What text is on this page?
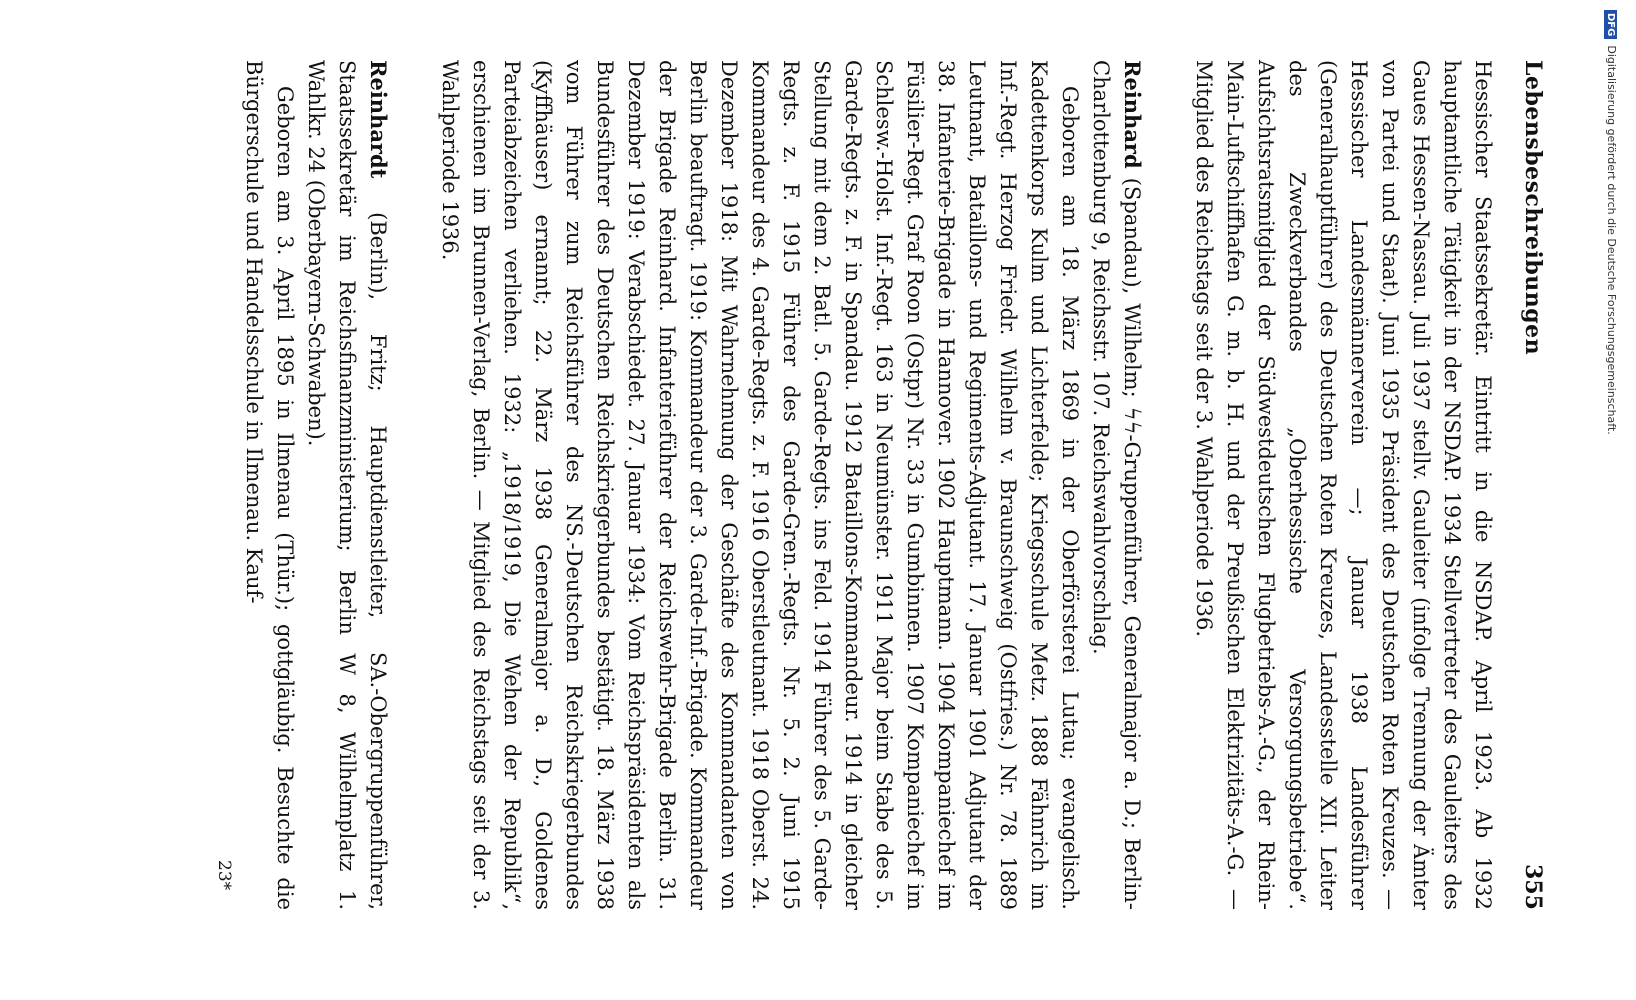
Lebensbeschreibungen
355

Hessischer Staatssekretär. Eintritt in die NSDAP. April 1923. Ab 1932 hauptamtliche Tätigkeit in der NSDAP. 1934 Stellvertreter des Gauleiters des Gaues Hessen-Nassau. Juli 1937 stellv. Gauleiter (infolge Trennung der Ämter von Partei und Staat). Juni 1935 Präsident des Deutschen Roten Kreuzes. — Hessischer Landesmännerverein —; Januar 1938 Landesführer (Generalhauptführer) des Deutschen Roten Kreuzes, Landesstelle XII. Leiter des Zweckverbandes „Oberhessische Versorgungsbetriebe“. Aufsichtsratsmitglied der Südwestdeutschen Flugbetriebs-A.-G., der Rhein-Main-Luftschiffhafen G. m. b. H. und der Preußischen Elektrizitäts-A.-G. — Mitglied des Reichstags seit der 3. Wahlperiode 1936.

Reinhard (Spandau), Wilhelm; ϟϟ-Gruppenführer, Generalmajor a. D.; Berlin-Charlottenburg 9, Reichsstr. 107. Reichswahlvorschlag.

Geboren am 18. März 1869 in der Oberförsterei Lutau; evangelisch. Kadettenkorps Kulm und Lichterfelde; Kriegsschule Metz. 1888 Fähnrich im Inf.-Regt. Herzog Friedr. Wilhelm v. Braunschweig (Ostfries.) Nr. 78. 1889 Leutnant, Bataillons- und Regiments-Adjutant. 17. Januar 1901 Adjutant der 38. Infanterie-Brigade in Hannover. 1902 Hauptmann. 1904 Kompaniechef im Füsilier-Regt. Graf Roon (Ostpr) Nr. 33 in Gumbinnen. 1907 Kompaniechef im Schlesw.-Holst. Inf.-Regt. 163 in Neumünster. 1911 Major beim Stabe des 5. Garde-Regts. z. F. in Spandau. 1912 Bataillons-Kommandeur. 1914 in gleicher Stellung mit dem 2. Batl. 5. Garde-Regts. ins Feld. 1914 Führer des 5. Garde-Regts. z. F. 1915 Führer des Garde-Gren.-Regts. Nr. 5. 2. Juni 1915 Kommandeur des 4. Garde-Regts. z. F. 1916 Oberstleutnant. 1918 Oberst. 24. Dezember 1918: Mit Wahrnehmung der Geschäfte des Kommandanten von Berlin beauftragt. 1919: Kommandeur der 3. Garde-Inf.-Brigade. Kommandeur der Brigade Reinhard. Infanterieführer der Reichswehr-Brigade Berlin. 31. Dezember 1919: Verabschiedet. 27. Januar 1934: Vom Reichspräsidenten als Bundesführer des Deutschen Reichskriegerbundes bestätigt. 18. März 1938 vom Führer zum Reichsführer des NS.-Deutschen Reichskriegerbundes (Kyffhäuser) ernannt; 22. März 1938 Generalmajor a. D., Goldenes Parteiabzeichen verliehen. 1932: „1918/1919, Die Wehen der Republik“, erschienen im Brunnen-Verlag, Berlin. — Mitglied des Reichstags seit der 3. Wahlperiode 1936.

Reinhardt (Berlin), Fritz; Hauptdienstleiter, SA.-Obergruppenführer, Staatssekretär im Reichsfinanzministerium; Berlin W 8, Wilhelmplatz 1. Wahlkr. 24 (Oberbayern-Schwaben).

Geboren am 3. April 1895 in Ilmenau (Thür.); gottgläubig. Besuchte die Bürgerschule und Handelsschule in Ilmenau. Kauf-

23*
DFGDigitalisierung gefördert durch die Deutsche Forschungsgemeinschaft.
